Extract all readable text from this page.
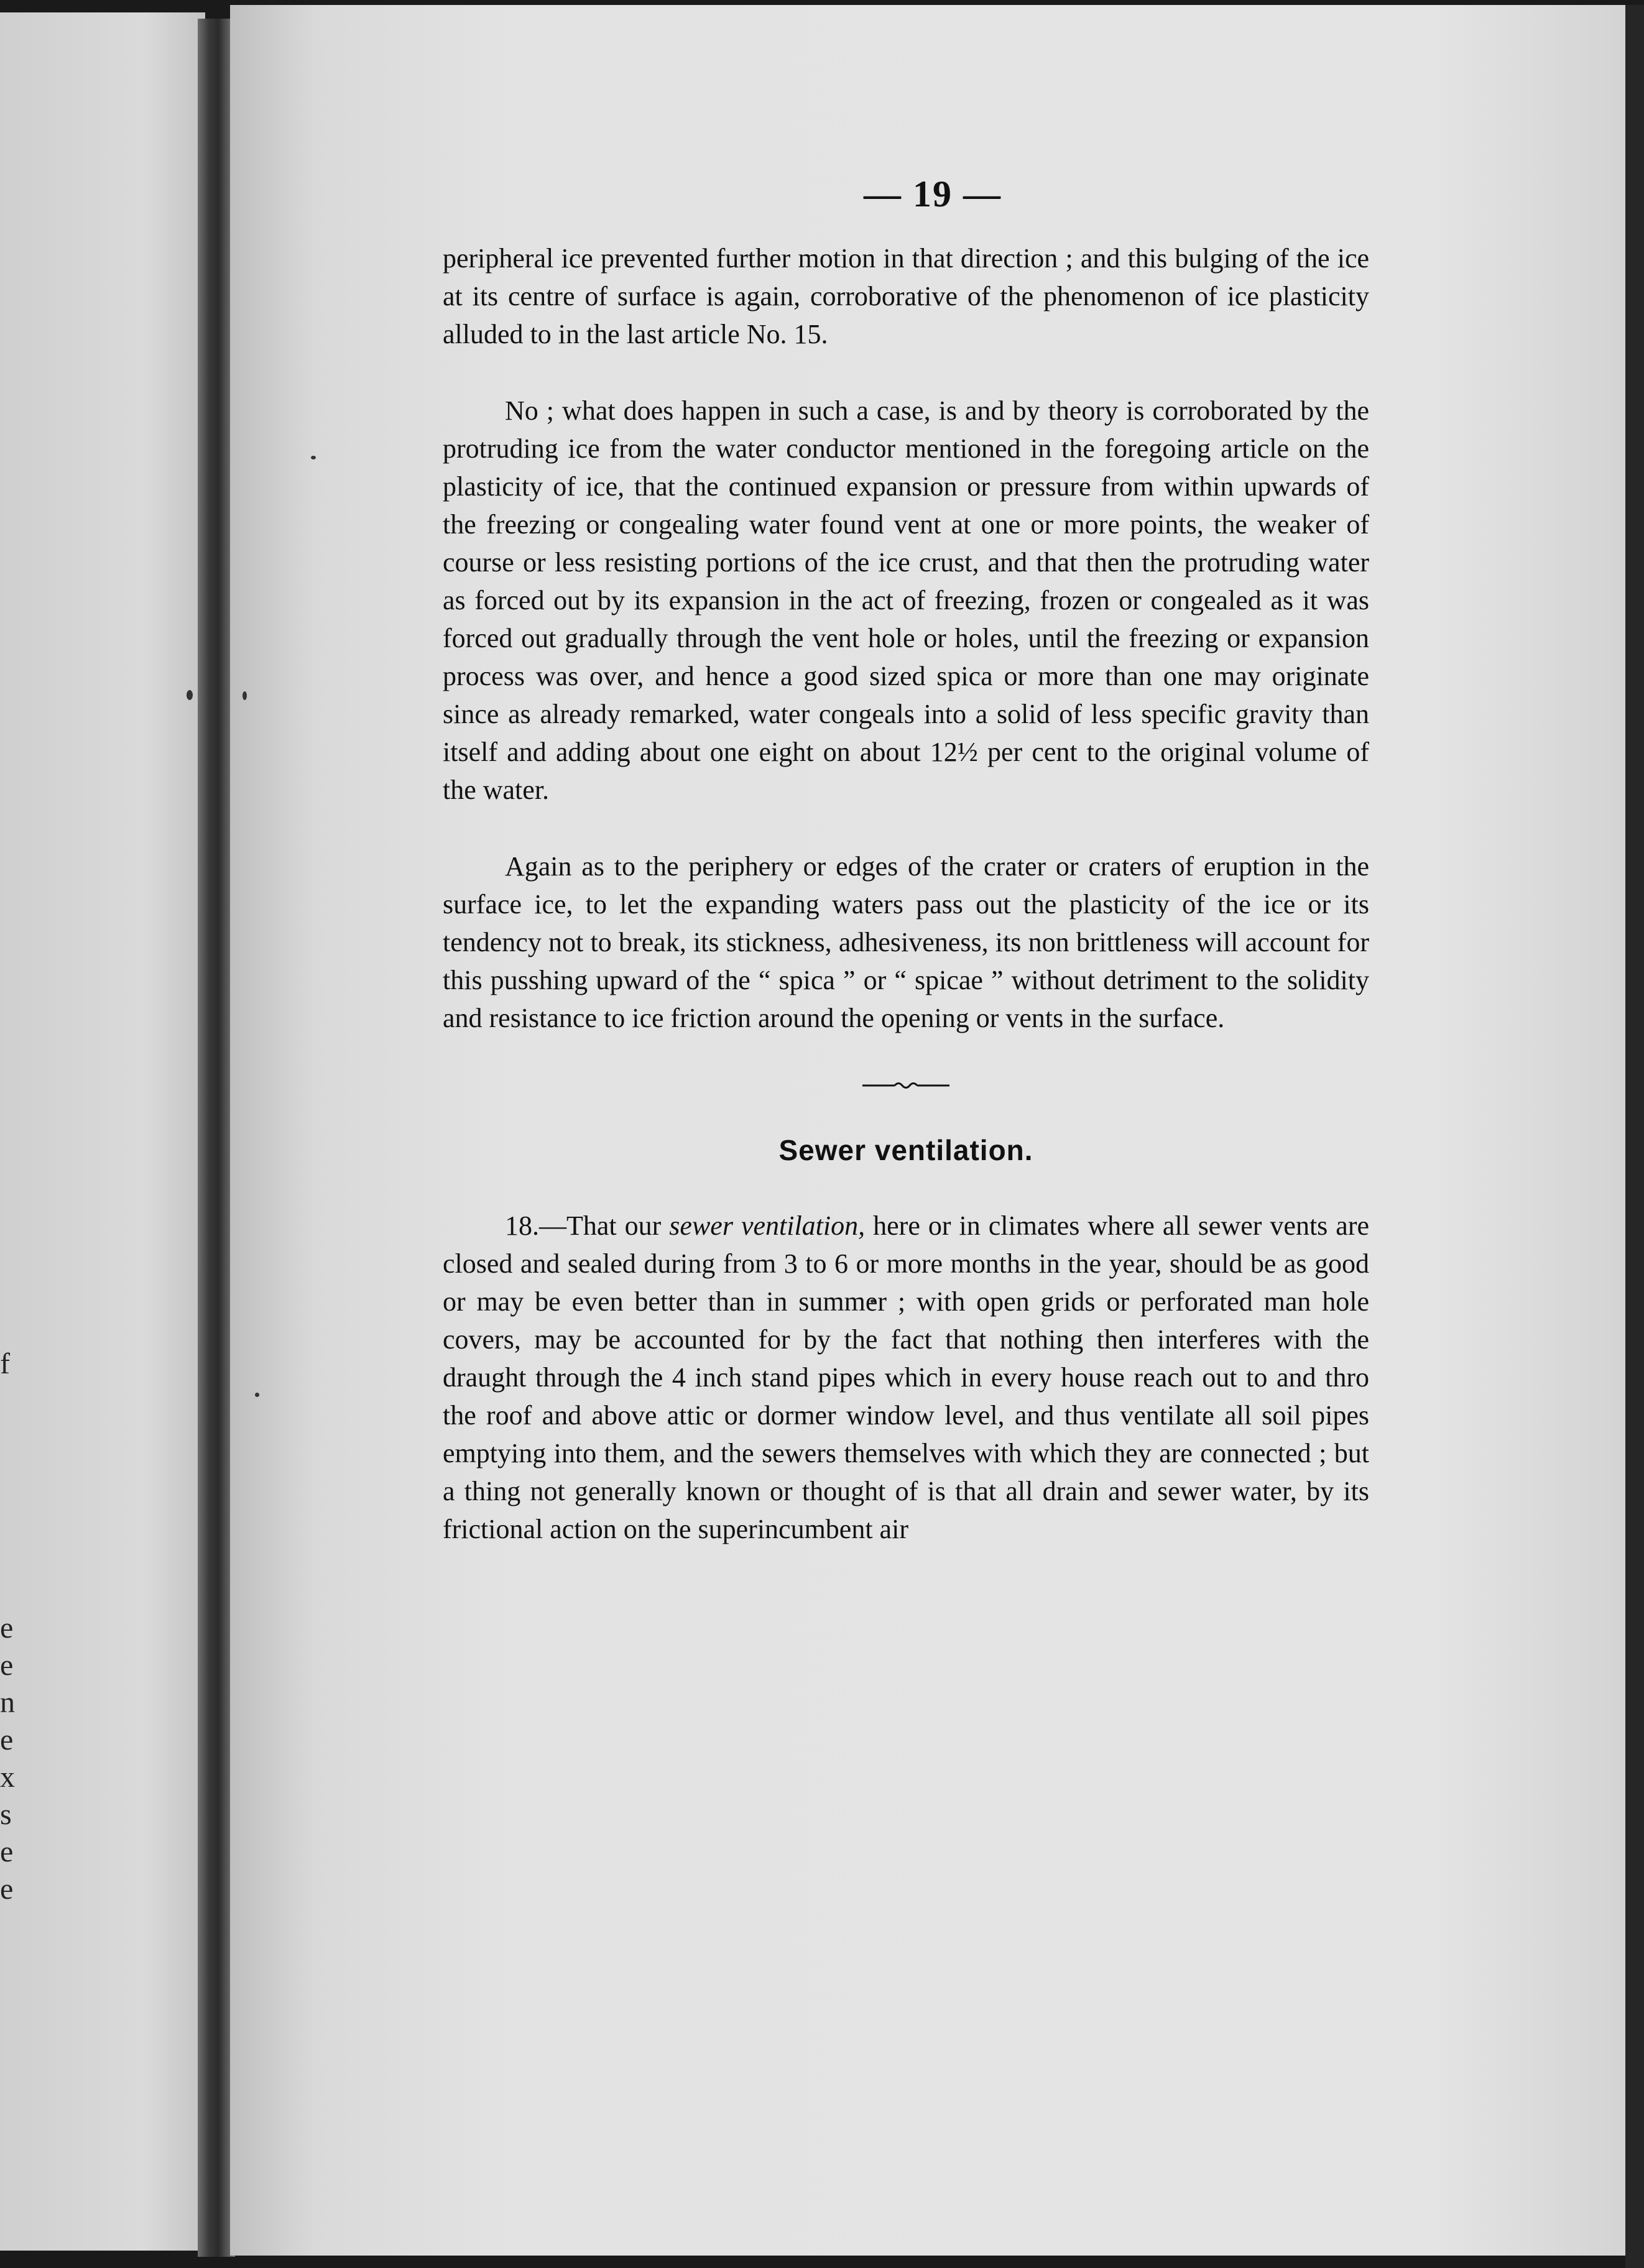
f
e
e
n
e
x
s
e
e
— 19 —

peripheral ice prevented further motion in that direction ; and this bulging of the ice at its centre of surface is again, corroborative of the phenomenon of ice plasticity alluded to in the last article No. 15.

No ; what does happen in such a case, is and by theory is corroborated by the protruding ice from the water conductor mentioned in the foregoing article on the plasticity of ice, that the continued expansion or pressure from within upwards of the freezing or congealing water found vent at one or more points, the weaker of course or less resisting portions of the ice crust, and that then the protruding water as forced out by its expansion in the act of freezing, frozen or congealed as it was forced out gradually through the vent hole or holes, until the freezing or expansion process was over, and hence a good sized spica or more than one may originate since as already remarked, water congeals into a solid of less specific gravity than itself and adding about one eight on about 12½ per cent to the original volume of the water.

Again as to the periphery or edges of the crater or craters of eruption in the surface ice, to let the expanding waters pass out the plasticity of the ice or its tendency not to break, its stickness, adhesiveness, its non brittleness will account for this pusshing upward of the “ spica ” or “ spicae ” without detriment to the solidity and resistance to ice friction around the opening or vents in the surface.

Sewer ventilation.

18.—That our sewer ventilation, here or in climates where all sewer vents are closed and sealed during from 3 to 6 or more months in the year, should be as good or may be even better than in summer ; with open grids or perforated man hole covers, may be accounted for by the fact that nothing then interferes with the draught through the 4 inch stand pipes which in every house reach out to and thro the roof and above attic or dormer window level, and thus ventilate all soil pipes emptying into them, and the sewers themselves with which they are connected ; but a thing not generally known or thought of is that all drain and sewer water, by its frictional action on the superincumbent air
